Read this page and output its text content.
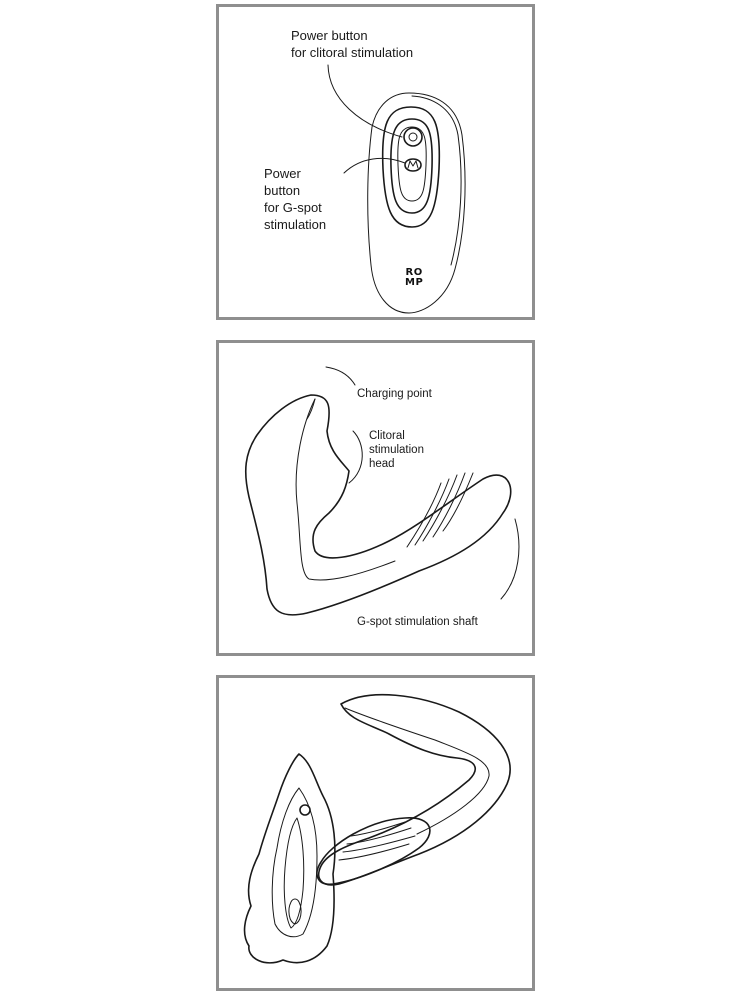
Power button
for clitoral stimulation
Power
button
for G-spot
stimulation
RO
MP
Charging point
Clitoral
stimulation
head
G-spot stimulation shaft
